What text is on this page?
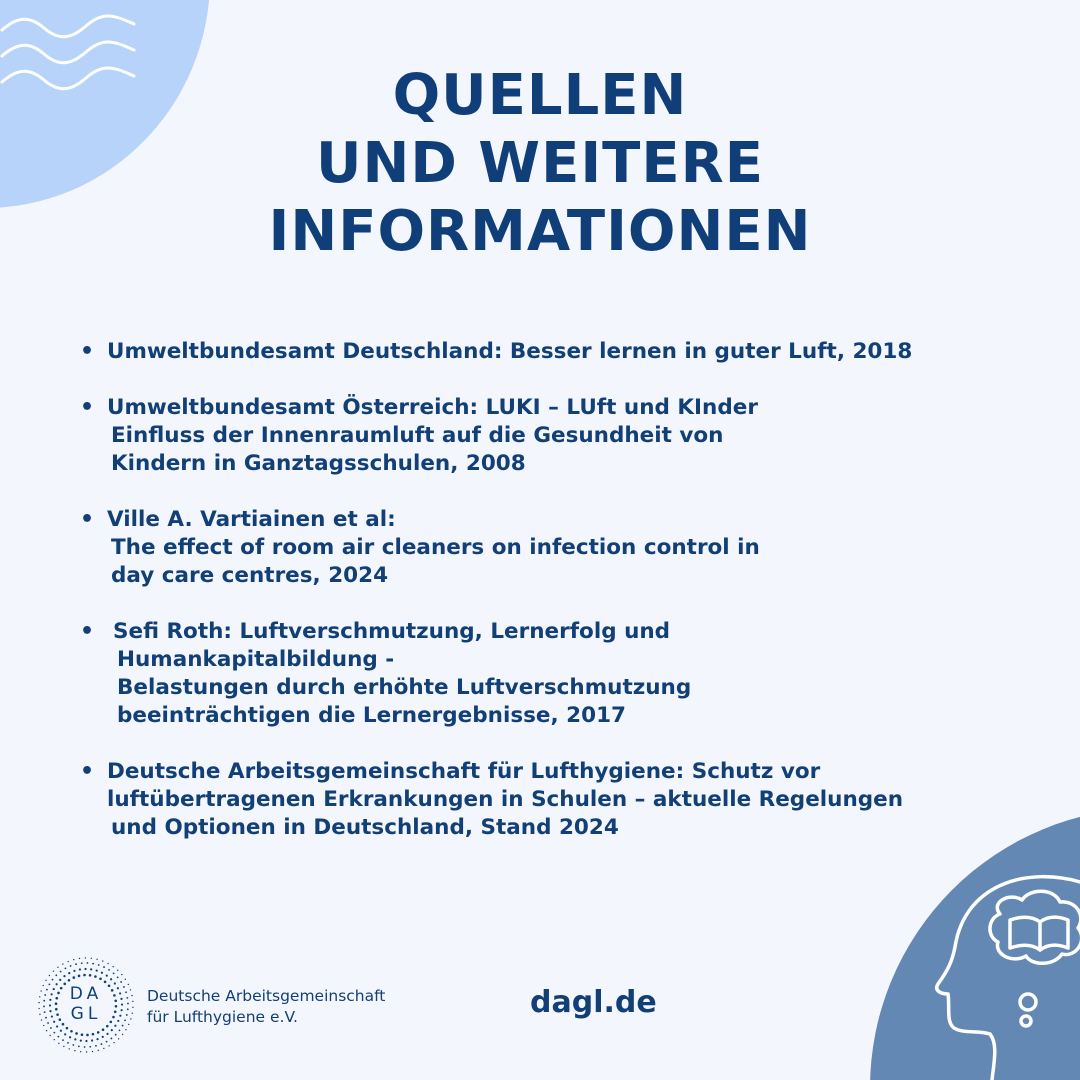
QUELLEN
UND WEITERE
INFORMATIONEN
• Umweltbundesamt Deutschland: Besser lernen in guter Luft, 2018
• Umweltbundesamt Österreich: LUKI – LUft und KInder
Einfluss der Innenraumluft auf die Gesundheit von
Kindern in Ganztagsschulen, 2008
• Ville A. Vartiainen et al:
The effect of room air cleaners on infection control in
day care centres, 2024
• Sefi Roth: Luftverschmutzung, Lernerfolg und
Humankapitalbildung -
Belastungen durch erhöhte Luftverschmutzung
beeinträchtigen die Lernergebnisse, 2017
• Deutsche Arbeitsgemeinschaft für Lufthygiene: Schutz vor
luftübertragenen Erkrankungen in Schulen – aktuelle Regelungen
und Optionen in Deutschland, Stand 2024
DA
GL
Deutsche Arbeitsgemeinschaft
für Lufthygiene e.V.	dagl.de
